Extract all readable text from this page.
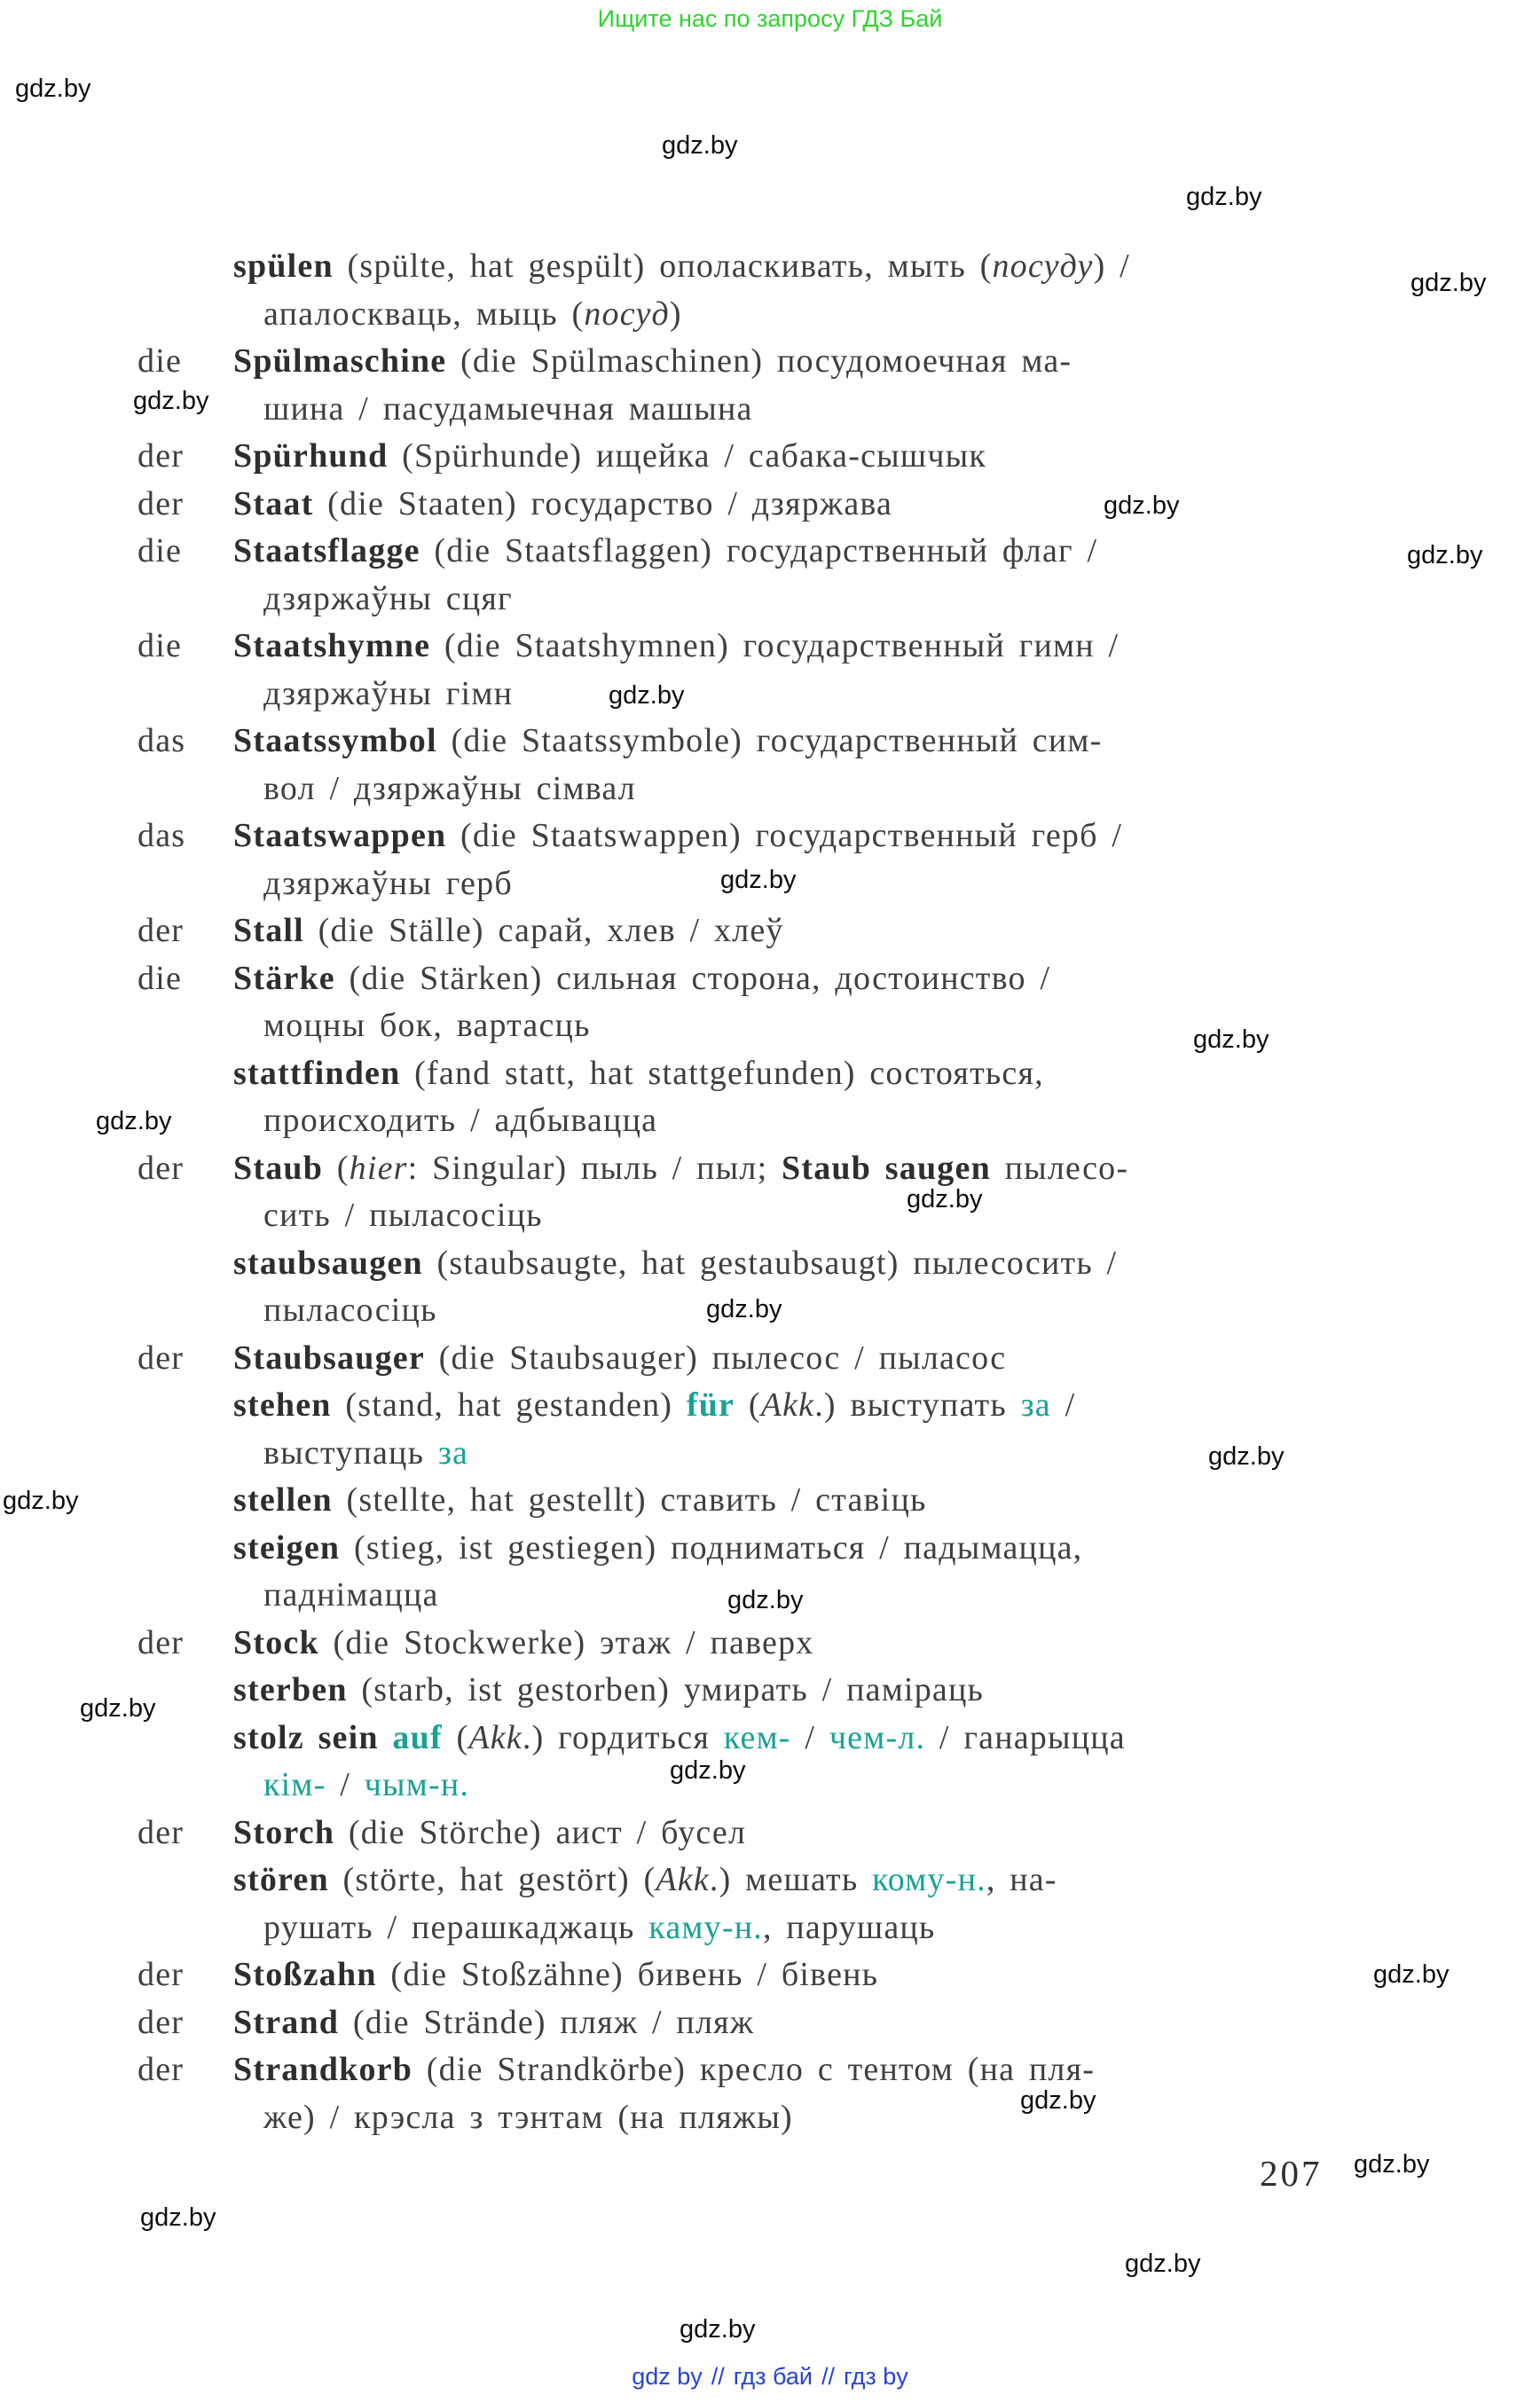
Ищите нас по запросу ГДЗ Бай
spülen (spülte, hat gespült) ополаскивать, мыть (посуду) /
апалоскваць, мыць (посуд)
die Spülmaschine (die Spülmaschinen) посудомоечная ма-
шина / пасудамыечная машына
der Spürhund (Spürhunde) ищейка / сабака-сышчык
der Staat (die Staaten) государство / дзяржава
die Staatsflagge (die Staatsflaggen) государственный флаг /
дзяржаўны сцяг
die Staatshymne (die Staatshymnen) государственный гимн /
дзяржаўны гімн
das Staatssymbol (die Staatssymbole) государственный сим-
вол / дзяржаўны сімвал
das Staatswappen (die Staatswappen) государственный герб /
дзяржаўны герб
der Stall (die Ställe) сарай, хлев / хлеў
die Stärke (die Stärken) сильная сторона, достоинство /
моцны бок, вартасць
stattfinden (fand statt, hat stattgefunden) состояться,
происходить / адбывацца
der Staub (hier: Singular) пыль / пыл; Staub saugen пылесо-
сить / пыласосіць
staubsaugen (staubsaugte, hat gestaubsaugt) пылесосить /
пыласосіць
der Staubsauger (die Staubsauger) пылесос / пыласос
stehen (stand, hat gestanden) für (Akk.) выступать за /
выступаць за
stellen (stellte, hat gestellt) ставить / ставіць
steigen (stieg, ist gestiegen) подниматься / падымацца,
паднімацца
der Stock (die Stockwerke) этаж / паверх
sterben (starb, ist gestorben) умирать / паміраць
stolz sein auf (Akk.) гордиться кем- / чем-л. / ганарыцца
кім- / чым-н.
der Storch (die Störche) аист / бусел
stören (störte, hat gestört) (Akk.) мешать кому-н., на-
рушать / перашкаджаць каму-н., парушаць
der Stoßzahn (die Stoßzähne) бивень / бівень
der Strand (die Strände) пляж / пляж
der Strandkorb (die Strandkörbe) кресло с тентом (на пля-
же) / крэсла з тэнтам (на пляжы)
gdz.by
gdz.by
gdz.by
gdz.by
gdz.by
gdz.by
gdz.by
gdz.by
gdz.by
gdz.by
gdz.by
gdz.by
gdz.by
gdz.by
gdz.by
gdz.by
gdz.by
gdz.by
gdz.by
gdz.by
gdz.by
gdz.by
gdz.by
gdz.by
207
gdz by // гдз бай // гдз by
